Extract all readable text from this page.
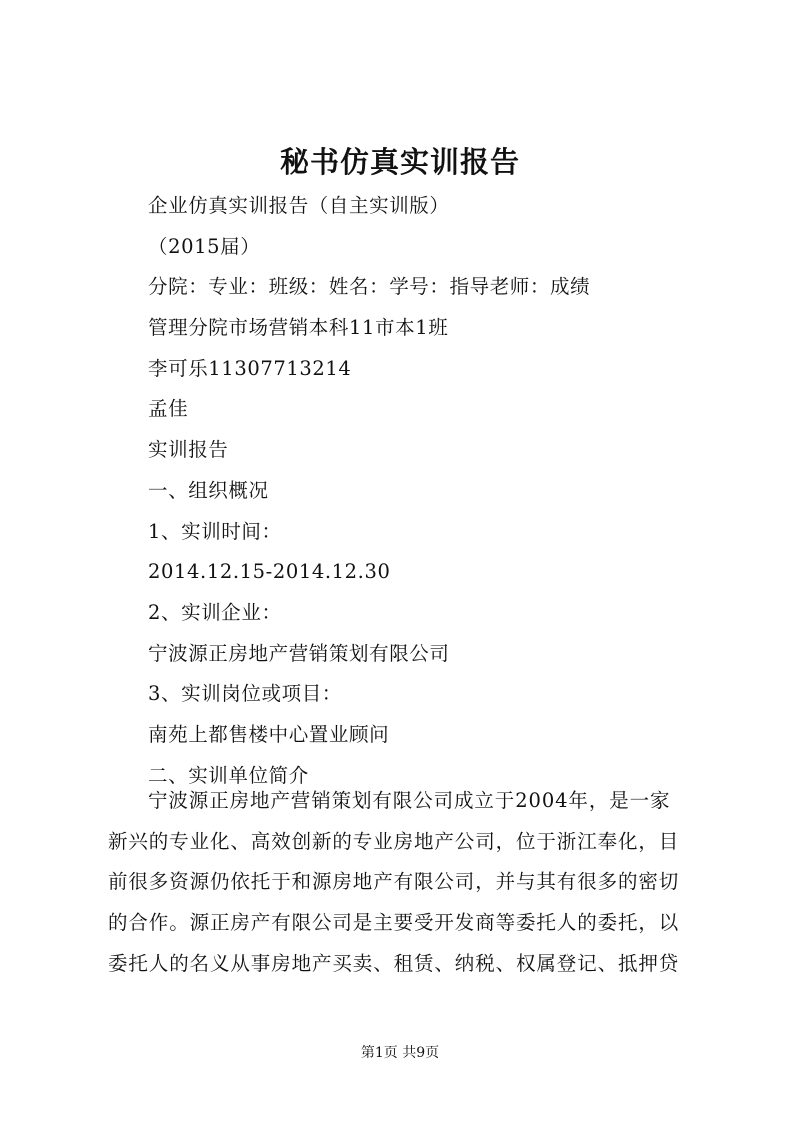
秘书仿真实训报告
企业仿真实训报告（自主实训版）
（2015届）
分院：专业：班级：姓名：学号：指导老师：成绩
管理分院市场营销本科11市本1班
李可乐11307713214
孟佳
实训报告
一、组织概况
1、实训时间：
2014.12.15-2014.12.30
2、实训企业：
宁波源正房地产营销策划有限公司
3、实训岗位或项目：
南苑上都售楼中心置业顾问
二、实训单位简介
宁波源正房地产营销策划有限公司成立于2004年，是一家
新兴的专业化、高效创新的专业房地产公司，位于浙江奉化，目
前很多资源仍依托于和源房地产有限公司，并与其有很多的密切
的合作。源正房产有限公司是主要受开发商等委托人的委托，以
委托人的名义从事房地产买卖、租赁、纳税、权属登记、抵押贷
第1页 共9页
